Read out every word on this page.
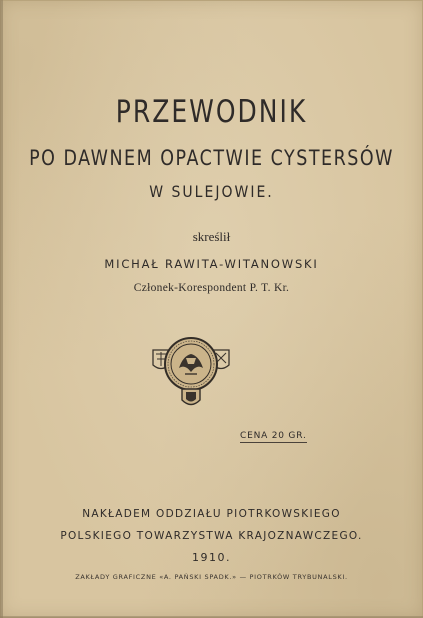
PRZEWODNIK
PO DAWNEM OPACTWIE CYSTERSÓW
W SULEJOWIE.
skreślił
MICHAŁ RAWITA-WITANOWSKI
Członek-Korespondent P. T. Kr.
CENA 20 GR.
NAKŁADEM ODDZIAŁU PIOTRKOWSKIEGO
POLSKIEGO TOWARZYSTWA KRAJOZNAWCZEGO.
1910.
ZAKŁADY GRAFICZNE «A. PAŃSKI SPADK.» — PIOTRKÓW TRYBUNALSKI.
